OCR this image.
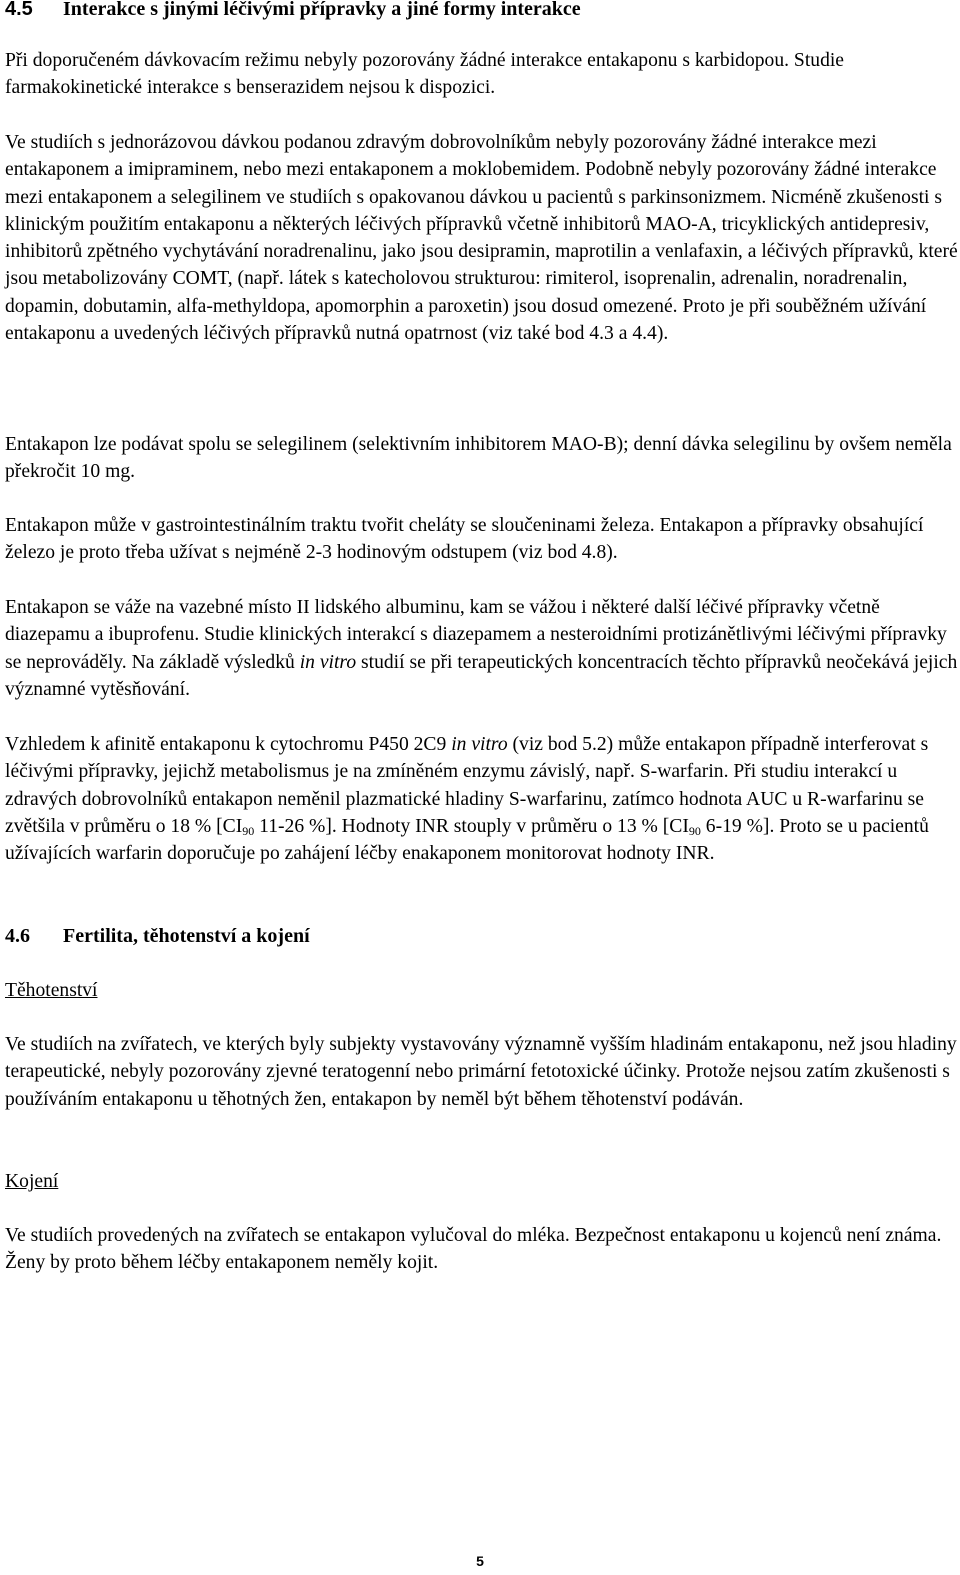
4.5 Interakce s jinými léčivými přípravky a jiné formy interakce

Při doporučeném dávkovacím režimu nebyly pozorovány žádné interakce entakaponu s karbidopou. Studie farmakokinetické interakce s benserazidem nejsou k dispozici.

Ve studiích s jednorázovou dávkou podanou zdravým dobrovolníkům nebyly pozorovány žádné interakce mezi entakaponem a imipraminem, nebo mezi entakaponem a moklobemidem. Podobně nebyly pozorovány žádné interakce mezi entakaponem a selegilinem ve studiích s opakovanou dávkou u pacientů s parkinsonizmem. Nicméně zkušenosti s klinickým použitím entakaponu a některých léčivých přípravků včetně inhibitorů MAO-A, tricyklických antidepresiv, inhibitorů zpětného vychytávání noradrenalinu, jako jsou desipramin, maprotilin a venlafaxin, a léčivých přípravků, které jsou metabolizovány COMT, (např. látek s katecholovou strukturou: rimiterol, isoprenalin, adrenalin, noradrenalin, dopamin, dobutamin, alfa-methyldopa, apomorphin a paroxetin) jsou dosud omezené. Proto je při souběžném užívání entakaponu a uvedených léčivých přípravků nutná opatrnost (viz také bod 4.3 a 4.4).

Entakapon lze podávat spolu se selegilinem (selektivním inhibitorem MAO-B); denní dávka selegilinu by ovšem neměla překročit 10 mg.

Entakapon může v gastrointestinálním traktu tvořit cheláty se sloučeninami železa. Entakapon a přípravky obsahující železo je proto třeba užívat s nejméně 2-3 hodinovým odstupem (viz bod 4.8).

Entakapon se váže na vazebné místo II lidského albuminu, kam se vážou i některé další léčivé přípravky včetně diazepamu a ibuprofenu. Studie klinických interakcí s diazepamem a nesteroidními protizánětlivými léčivými přípravky se neprováděly. Na základě výsledků in vitro studií se při terapeutických koncentracích těchto přípravků neočekává jejich významné vytěsňování.

Vzhledem k afinitě entakaponu k cytochromu P450 2C9 in vitro (viz bod 5.2) může entakapon případně interferovat s léčivými přípravky, jejichž metabolismus je na zmíněném enzymu závislý, např. S-warfarin. Při studiu interakcí u zdravých dobrovolníků entakapon neměnil plazmatické hladiny S-warfarinu, zatímco hodnota AUC u R-warfarinu se zvětšila v průměru o 18 % [$CI_{90}$ 11-26 %]. Hodnoty INR stouply v průměru o 13 % [$CI_{90}$ 6-19 %]. Proto se u pacientů užívajících warfarin doporučuje po zahájení léčby enakaponem monitorovat hodnoty INR.

4.6 Fertilita, těhotenství a kojení

Těhotenství

Ve studiích na zvířatech, ve kterých byly subjekty vystavovány významně vyšším hladinám entakaponu, než jsou hladiny terapeutické, nebyly pozorovány zjevné teratogenní nebo primární fetotoxické účinky. Protože nejsou zatím zkušenosti s používáním entakaponu u těhotných žen, entakapon by neměl být během těhotenství podáván.

Kojení

Ve studiích provedených na zvířatech se entakapon vylučoval do mléka. Bezpečnost entakaponu u kojenců není známa. Ženy by proto během léčby entakaponem neměly kojit.

5
